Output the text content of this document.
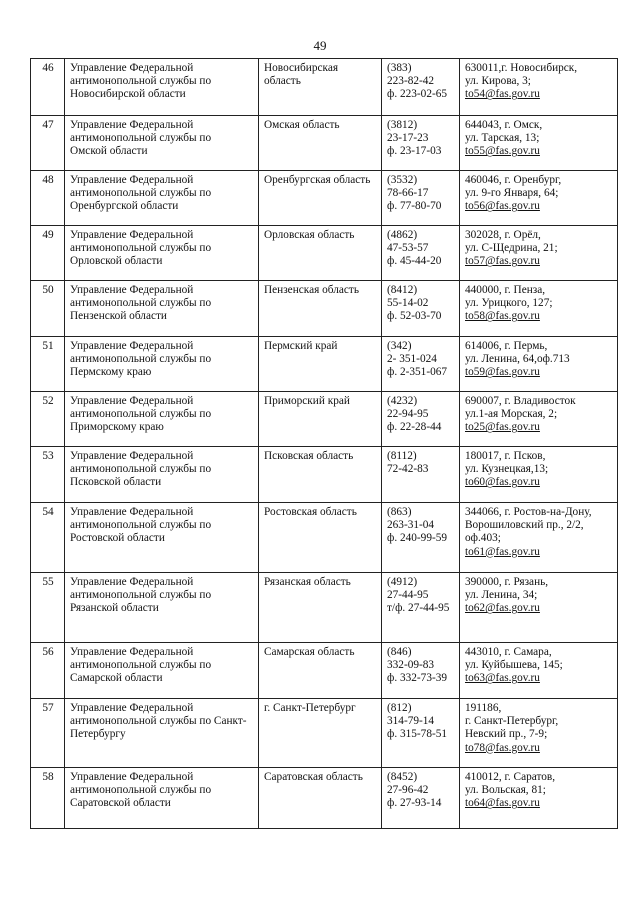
49
46	Управление Федеральной
антимонопольной службы по
Новосибирской области	Новосибирская
область	(383)
223-82-42
ф. 223-02-65	630011,г. Новосибирск,
ул. Кирова, 3;
to54@fas.gov.ru

47	Управление Федеральной
антимонопольной службы по
Омской области	Омская область	(3812)
23-17-23
ф. 23-17-03	644043, г. Омск,
ул. Тарская, 13;
to55@fas.gov.ru

48	Управление Федеральной
антимонопольной службы по
Оренбургской области	Оренбургская область	(3532)
78-66-17
ф. 77-80-70	460046, г. Оренбург,
ул. 9-го Января, 64;
to56@fas.gov.ru

49	Управление Федеральной
антимонопольной службы по
Орловской области	Орловская область	(4862)
47-53-57
ф. 45-44-20	302028, г. Орёл,
ул. С-Щедрина, 21;
to57@fas.gov.ru

50	Управление Федеральной
антимонопольной службы по
Пензенской области	Пензенская область	(8412)
55-14-02
ф. 52-03-70	440000, г. Пенза,
ул. Урицкого, 127;
to58@fas.gov.ru

51	Управление Федеральной
антимонопольной службы по
Пермскому краю	Пермский край	(342)
2- 351-024
ф. 2-351-067	614006, г. Пермь,
ул. Ленина, 64,оф.713
to59@fas.gov.ru

52	Управление Федеральной
антимонопольной службы по
Приморскому краю	Приморский край	(4232)
22-94-95
ф. 22-28-44	690007, г. Владивосток
ул.1-ая Морская, 2;
to25@fas.gov.ru

53	Управление Федеральной
антимонопольной службы по
Псковской области	Псковская область	(8112)
72-42-83	180017, г. Псков,
ул. Кузнецкая,13;
to60@fas.gov.ru

54	Управление Федеральной
антимонопольной службы по
Ростовской области	Ростовская область	(863)
263-31-04
ф. 240-99-59	344066, г. Ростов-на-Дону,
Ворошиловский пр., 2/2,
оф.403;
to61@fas.gov.ru

55	Управление Федеральной
антимонопольной службы по
Рязанской области	Рязанская область	(4912)
27-44-95
т/ф. 27-44-95	390000, г. Рязань,
ул. Ленина, 34;
to62@fas.gov.ru

56	Управление Федеральной
антимонопольной службы по
Самарской области	Самарская область	(846)
332-09-83
ф. 332-73-39	443010, г. Самара,
ул. Куйбышева, 145;
to63@fas.gov.ru

57	Управление Федеральной
антимонопольной службы по Санкт-
Петербургу	г. Санкт-Петербург	(812)
314-79-14
ф. 315-78-51	191186,
г. Санкт-Петербург,
Невский пр., 7-9;
to78@fas.gov.ru

58	Управление Федеральной
антимонопольной службы по
Саратовской области	Саратовская область	(8452)
27-96-42
ф. 27-93-14	410012, г. Саратов,
ул. Вольская, 81;
to64@fas.gov.ru
